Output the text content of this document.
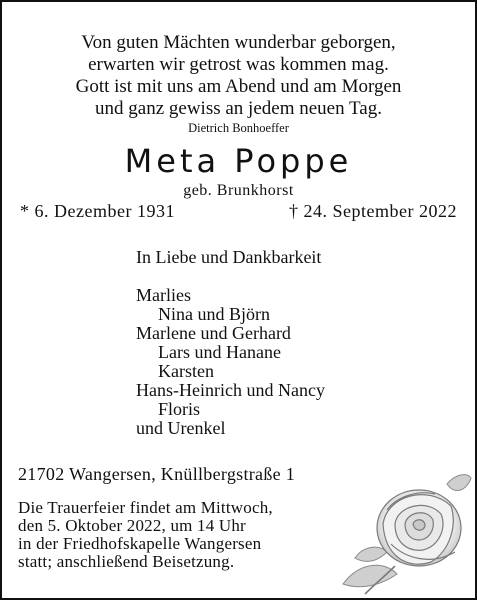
Von guten Mächten wunderbar geborgen,
erwarten wir getrost was kommen mag.
Gott ist mit uns am Abend und am Morgen
und ganz gewiss an jedem neuen Tag.
Dietrich Bonhoeffer
Meta Poppe
geb. Brunkhorst
* 6. Dezember 1931	† 24. September 2022
In Liebe und Dankbarkeit
Marlies
Nina und Björn
Marlene und Gerhard
Lars und Hanane
Karsten
Hans-Heinrich und Nancy
Floris
und Urenkel
21702 Wangersen, Knüllbergstraße 1
Die Trauerfeier findet am Mittwoch,
den 5. Oktober 2022, um 14 Uhr
in der Friedhofskapelle Wangersen
statt; anschließend Beisetzung.
